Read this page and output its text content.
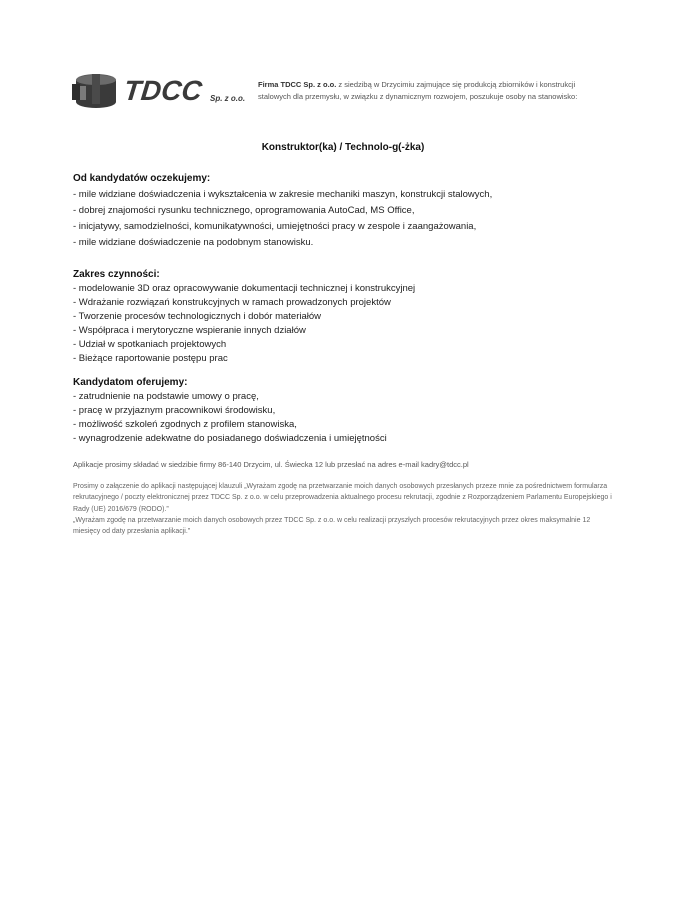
TDCC Sp. z o.o.
Firma TDCC Sp. z o.o. z siedzibą w Drzycimiu zajmujące się produkcją zbiorników i konstrukcji stalowych dla przemysłu, w związku z dynamicznym rozwojem, poszukuje osoby na stanowisko:
Konstruktor(ka) / Technolo-g(-żka)
Od kandydatów oczekujemy:
- mile widziane doświadczenia i wykształcenia w zakresie mechaniki maszyn, konstrukcji stalowych,
- dobrej znajomości rysunku technicznego, oprogramowania AutoCad, MS Office,
- inicjatywy, samodzielności, komunikatywności, umiejętności pracy w zespole i zaangażowania,
- mile widziane doświadczenie na podobnym stanowisku.
Zakres czynności:
- modelowanie 3D oraz opracowywanie dokumentacji technicznej i konstrukcyjnej
- Wdrażanie rozwiązań konstrukcyjnych w ramach prowadzonych projektów
- Tworzenie procesów technologicznych i dobór materiałów
- Współpraca i merytoryczne wspieranie innych działów
- Udział w spotkaniach projektowych
- Bieżące raportowanie postępu prac
Kandydatom oferujemy:
- zatrudnienie na podstawie umowy o pracę,
- pracę w przyjaznym pracownikowi środowisku,
- możliwość szkoleń zgodnych z profilem stanowiska,
- wynagrodzenie adekwatne do posiadanego doświadczenia i umiejętności
Aplikacje prosimy składać w siedzibie firmy 86-140 Drzycim, ul. Świecka 12 lub przesłać na adres e-mail kadry@tdcc.pl

Prosimy o załączenie do aplikacji następującej klauzuli „Wyrażam zgodę na przetwarzanie moich danych osobowych przesłanych przeze mnie za pośrednictwem formularza rekrutacyjnego / poczty elektronicznej przez TDCC Sp. z o.o. w celu przeprowadzenia aktualnego procesu rekrutacji, zgodnie z Rozporządzeniem Parlamentu Europejskiego i Rady (UE) 2016/679 (RODO).”

„Wyrażam zgodę na przetwarzanie moich danych osobowych przez TDCC Sp. z o.o. w celu realizacji przyszłych procesów rekrutacyjnych przez okres maksymalnie 12 miesięcy od daty przesłania aplikacji.”
